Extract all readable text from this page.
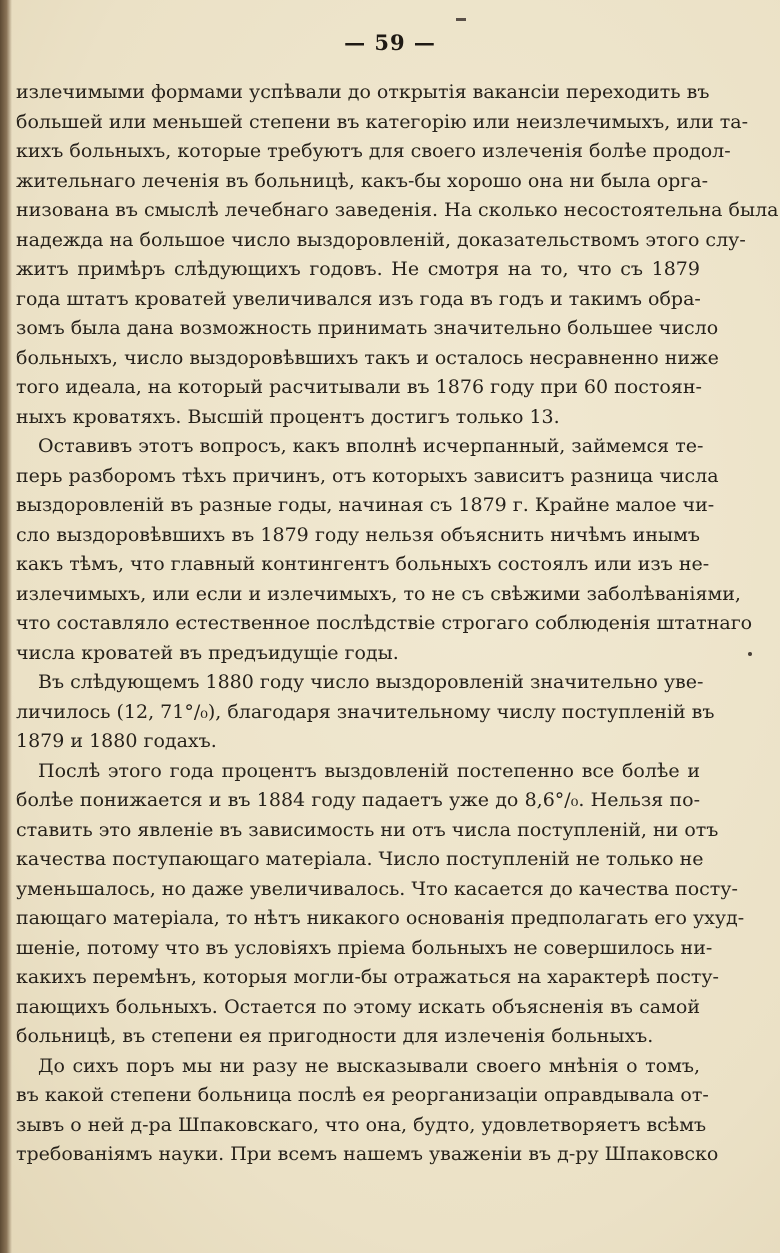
— 59 —
излечимыми формами успѣвали до открытія вакансіи переходить въ
большей или меньшей степени въ категорію или неизлечимыхъ, или та-
кихъ больныхъ, которые требуютъ для своего излеченія болѣе продол-
жительнаго леченія въ больницѣ, какъ-бы хорошо она ни была орга-
низована въ смыслѣ лечебнаго заведенія. На сколько несостоятельна была
надежда на большое число выздоровленій, доказательствомъ этого слу-
житъ примѣръ слѣдующихъ годовъ. Не смотря на то, что съ 1879
года штатъ кроватей увеличивался изъ года въ годъ и такимъ обра-
зомъ была дана возможность принимать значительно большее число
больныхъ, число выздоровѣвшихъ такъ и осталось несравненно ниже
того идеала, на который расчитывали въ 1876 году при 60 постоян-
ныхъ кроватяхъ. Высшій процентъ достигъ только 13.
Оставивъ этотъ вопросъ, какъ вполнѣ исчерпанный, займемся те-
перь разборомъ тѣхъ причинъ, отъ которыхъ зависитъ разница числа
выздоровленій въ разные годы, начиная съ 1879 г. Крайне малое чи-
сло выздоровѣвшихъ въ 1879 году нельзя объяснить ничѣмъ инымъ
какъ тѣмъ, что главный контингентъ больныхъ состоялъ или изъ не-
излечимыхъ, или если и излечимыхъ, то не съ свѣжими заболѣваніями,
что составляло естественное послѣдствіе строгаго соблюденія штатнаго
числа кроватей въ предъидущіе годы.
Въ слѣдующемъ 1880 году число выздоровленій значительно уве-
личилось (12, 71°/₀), благодаря значительному числу поступленій въ
1879 и 1880 годахъ.
Послѣ этого года процентъ выздовленій постепенно все болѣе и
болѣе понижается и въ 1884 году падаетъ уже до 8,6°/₀. Нельзя по-
ставить это явленіе въ зависимость ни отъ числа поступленій, ни отъ
качества поступающаго матеріала. Число поступленій не только не
уменьшалось, но даже увеличивалось. Что касается до качества посту-
пающаго матеріала, то нѣтъ никакого основанія предполагать его ухуд-
шеніе, потому что въ условіяхъ пріема больныхъ не совершилось ни-
какихъ перемѣнъ, которыя могли-бы отражаться на характерѣ посту-
пающихъ больныхъ. Остается по этому искать объясненія въ самой
больницѣ, въ степени ея пригодности для излеченія больныхъ.
До сихъ поръ мы ни разу не высказывали своего мнѣнія о томъ,
въ какой степени больница послѣ ея реорганизаціи оправдывала от-
зывъ о ней д-ра Шпаковскаго, что она, будто, удовлетворяетъ всѣмъ
требованіямъ науки. При всемъ нашемъ уваженіи въ д-ру Шпаковско
